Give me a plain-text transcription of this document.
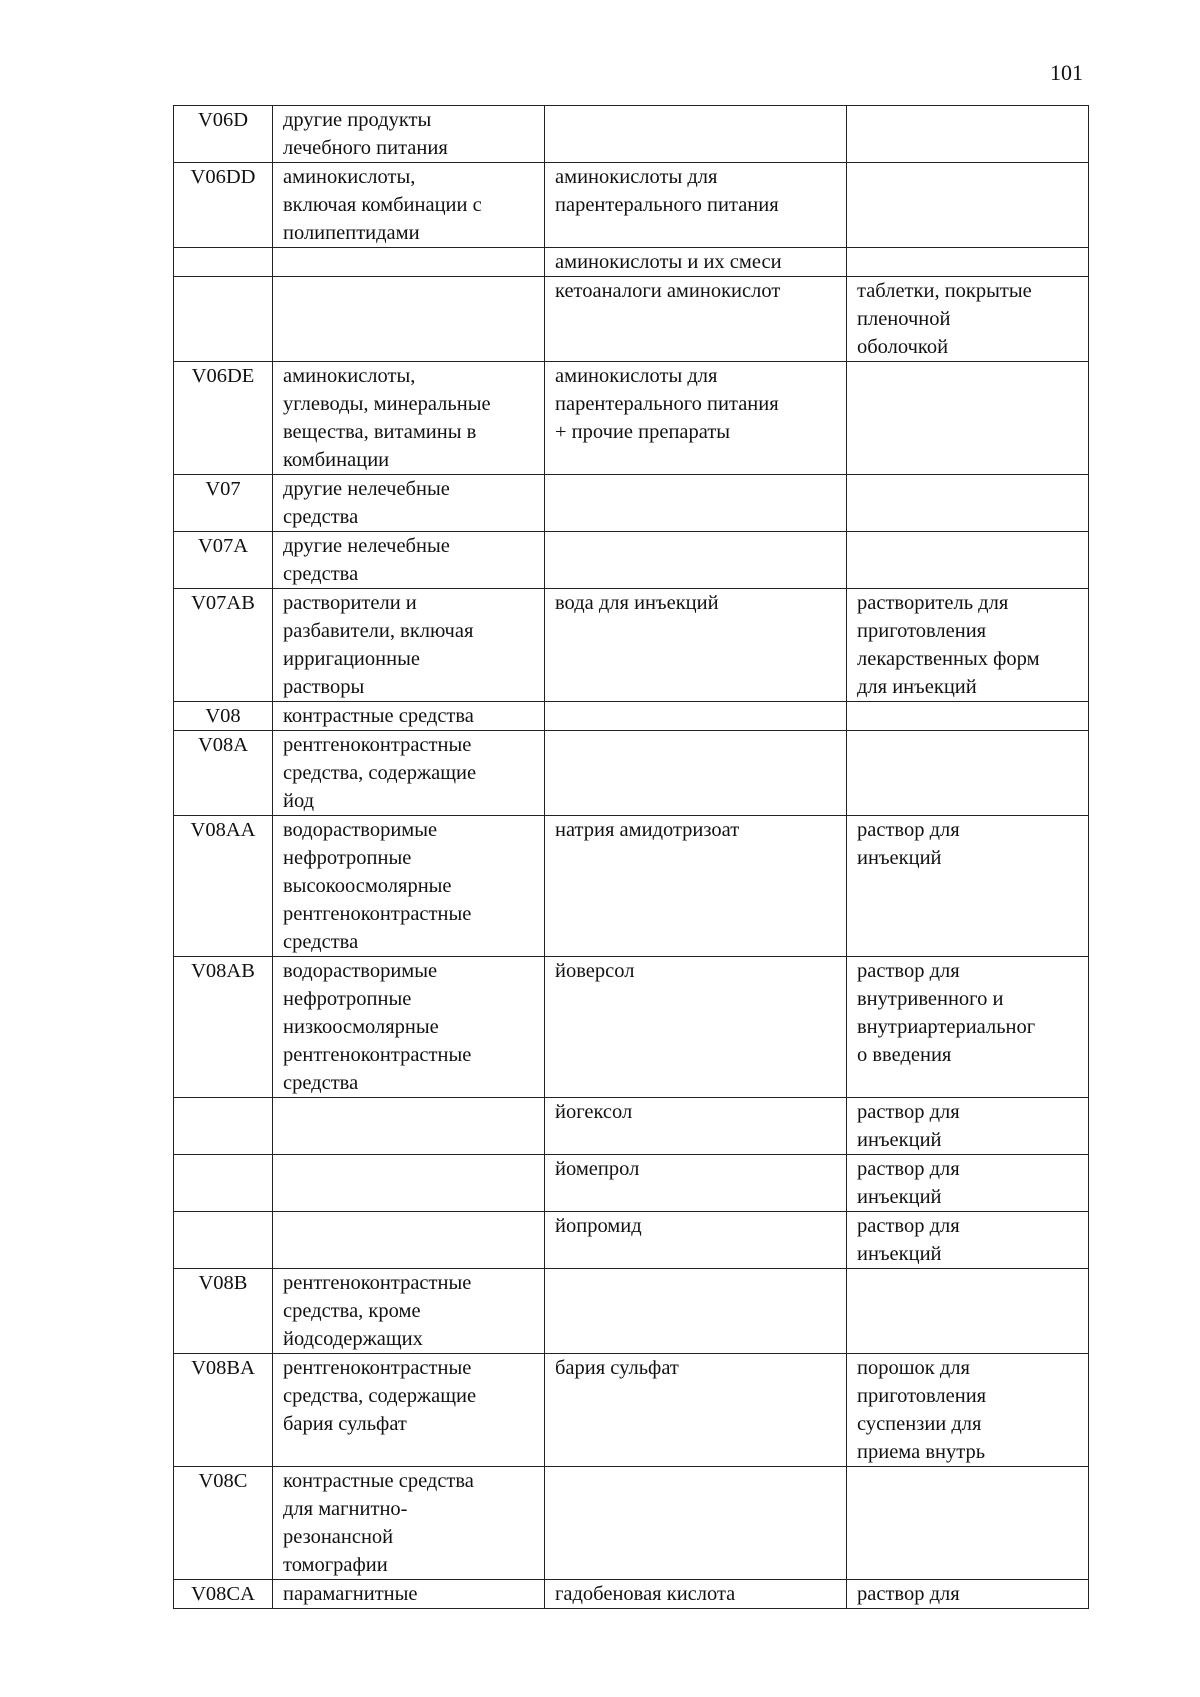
101
V06D	другие продукты
лечебного питания		

V06DD	аминокислоты,
включая комбинации с
полипептидами	аминокислоты для
парентерального питания	

		аминокислоты и их смеси	

		кетоаналоги аминокислот	таблетки, покрытые
пленочной
оболочкой

V06DE	аминокислоты,
углеводы, минеральные
вещества, витамины в
комбинации	аминокислоты для
парентерального питания
+ прочие препараты	

V07	другие нелечебные
средства		

V07A	другие нелечебные
средства		

V07AB	растворители и
разбавители, включая
ирригационные
растворы	вода для инъекций	растворитель для
приготовления
лекарственных форм
для инъекций

V08	контрастные средства		

V08A	рентгеноконтрастные
средства, содержащие
йод		

V08AA	водорастворимые
нефротропные
высокоосмолярные
рентгеноконтрастные
средства	натрия амидотризоат	раствор для
инъекций

V08AB	водорастворимые
нефротропные
низкоосмолярные
рентгеноконтрастные
средства	йоверсол	раствор для
внутривенного и
внутриартериальног
о введения

		йогексол	раствор для
инъекций

		йомепрол	раствор для
инъекций

		йопромид	раствор для
инъекций

V08B	рентгеноконтрастные
средства, кроме
йодсодержащих		

V08BA	рентгеноконтрастные
средства, содержащие
бария сульфат	бария сульфат	порошок для
приготовления
суспензии для
приема внутрь

V08C	контрастные средства
для магнитно-
резонансной
томографии		

V08CA	парамагнитные	гадобеновая кислота	раствор для
